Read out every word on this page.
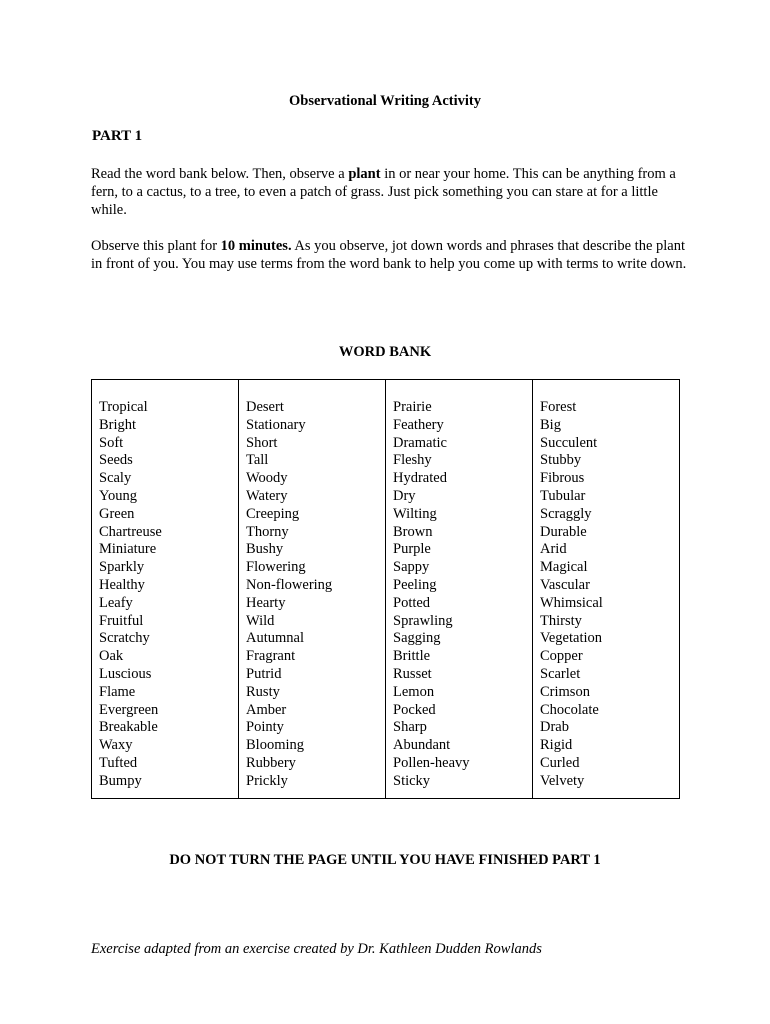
Observational Writing Activity
PART 1

Read the word bank below. Then, observe a plant in or near your home. This can be anything from a fern, to a cactus, to a tree, to even a patch of grass. Just pick something you can stare at for a little while.

Observe this plant for 10 minutes. As you observe, jot down words and phrases that describe the plant in front of you. You may use terms from the word bank to help you come up with terms to write down.

WORD BANK
Tropical
Bright
Soft
Seeds
Scaly
Young
Green
Chartreuse
Miniature
Sparkly
Healthy
Leafy
Fruitful
Scratchy
Oak
Luscious
Flame
Evergreen
Breakable
Waxy
Tufted
Bumpy
Desert
Stationary
Short
Tall
Woody
Watery
Creeping
Thorny
Bushy
Flowering
Non-flowering
Hearty
Wild
Autumnal
Fragrant
Putrid
Rusty
Amber
Pointy
Blooming
Rubbery
Prickly
Prairie
Feathery
Dramatic
Fleshy
Hydrated
Dry
Wilting
Brown
Purple
Sappy
Peeling
Potted
Sprawling
Sagging
Brittle
Russet
Lemon
Pocked
Sharp
Abundant
Pollen-heavy
Sticky
Forest
Big
Succulent
Stubby
Fibrous
Tubular
Scraggly
Durable
Arid
Magical
Vascular
Whimsical
Thirsty
Vegetation
Copper
Scarlet
Crimson
Chocolate
Drab
Rigid
Curled
Velvety
DO NOT TURN THE PAGE UNTIL YOU HAVE FINISHED PART 1
Exercise adapted from an exercise created by Dr. Kathleen Dudden Rowlands
